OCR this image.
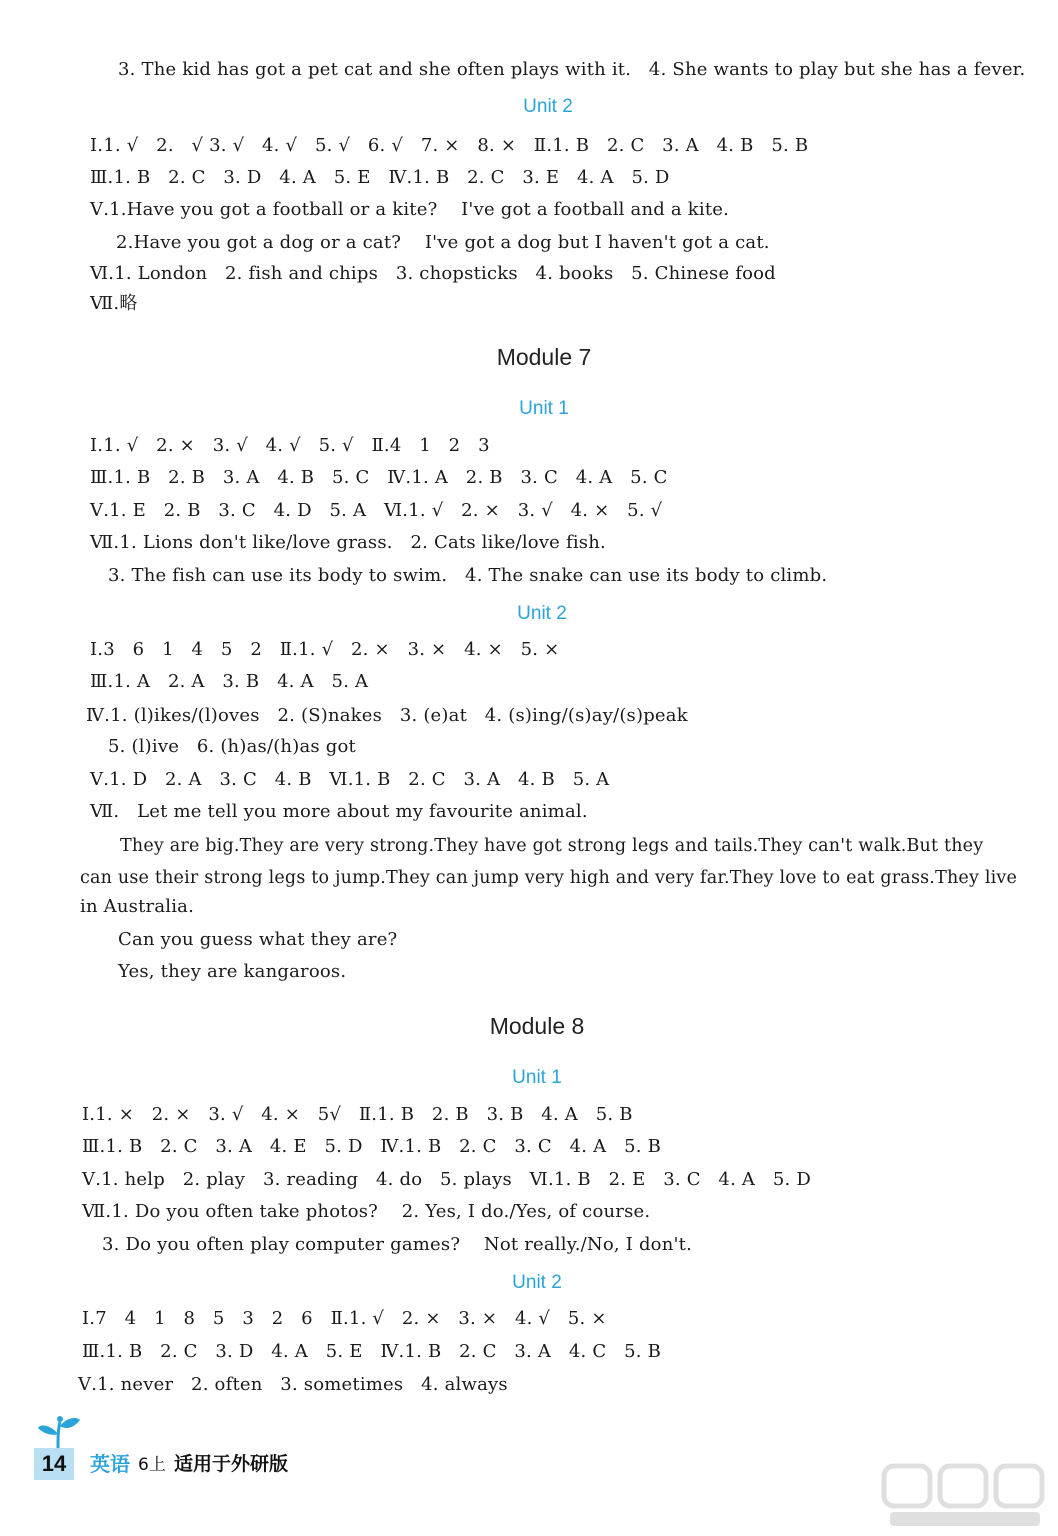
3. The kid has got a pet cat and she often plays with it.   4. She wants to play but she has a fever.
Unit 2
Ⅰ.1. √   2.   √ 3. √   4. √   5. √   6. √   7. ×   8. ×   Ⅱ.1. B   2. C   3. A   4. B   5. B
Ⅲ.1. B   2. C   3. D   4. A   5. E   Ⅳ.1. B   2. C   3. E   4. A   5. D
Ⅴ.1.Have you got a football or a kite?    I've got a football and a kite.
2.Have you got a dog or a cat?    I've got a dog but I haven't got a cat.
Ⅵ.1. London   2. fish and chips   3. chopsticks   4. books   5. Chinese food
Ⅶ.略
Module 7
Unit 1
Ⅰ.1. √   2. ×   3. √   4. √   5. √   Ⅱ.4   1   2   3
Ⅲ.1. B   2. B   3. A   4. B   5. C   Ⅳ.1. A   2. B   3. C   4. A   5. C
Ⅴ.1. E   2. B   3. C   4. D   5. A   Ⅵ.1. √   2. ×   3. √   4. ×   5. √
Ⅶ.1. Lions don't like/love grass.   2. Cats like/love fish.
3. The fish can use its body to swim.   4. The snake can use its body to climb.
Unit 2
Ⅰ.3   6   1   4   5   2   Ⅱ.1. √   2. ×   3. ×   4. ×   5. ×
Ⅲ.1. A   2. A   3. B   4. A   5. A
Ⅳ.1. (l)ikes/(l)oves   2. (S)nakes   3. (e)at   4. (s)ing/(s)ay/(s)peak
5. (l)ive   6. (h)as/(h)as got
Ⅴ.1. D   2. A   3. C   4. B   Ⅵ.1. B   2. C   3. A   4. B   5. A
Ⅶ.   Let me tell you more about my favourite animal.
They are big.They are very strong.They have got strong legs and tails.They can't walk.But they
can use their strong legs to jump.They can jump very high and very far.They love to eat grass.They live
in Australia.
Can you guess what they are?
Yes, they are kangaroos.
Module 8
Unit 1
Ⅰ.1. ×   2. ×   3. √   4. ×   5√   Ⅱ.1. B   2. B   3. B   4. A   5. B
Ⅲ.1. B   2. C   3. A   4. E   5. D   Ⅳ.1. B   2. C   3. C   4. A   5. B
Ⅴ.1. help   2. play   3. reading   4. do   5. plays   Ⅵ.1. B   2. E   3. C   4. A   5. D
Ⅶ.1. Do you often take photos?    2. Yes, I do./Yes, of course.
3. Do you often play computer games?    Not really./No, I don't.
Unit 2
Ⅰ.7   4   1   8   5   3   2   6   Ⅱ.1. √   2. ×   3. ×   4. √   5. ×
Ⅲ.1. B   2. C   3. D   4. A   5. E   Ⅳ.1. B   2. C   3. A   4. C   5. B
Ⅴ.1. never   2. often   3. sometimes   4. always
14	英语 6上 适用于外研版
